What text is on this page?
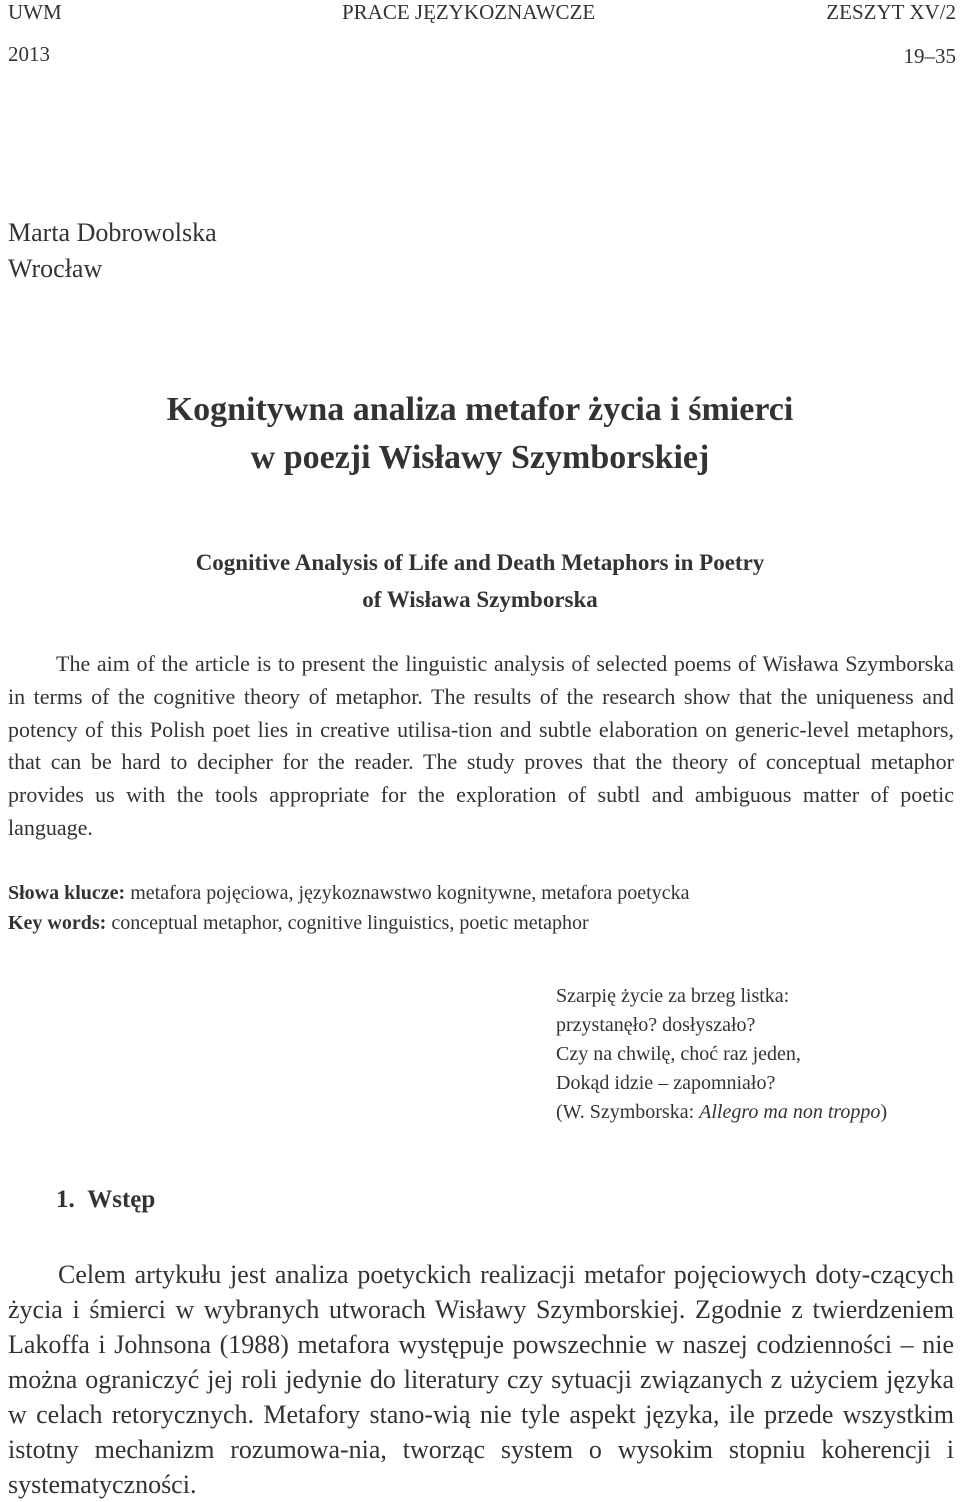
UWM	PRACE JĘZYKOZNAWCZE	ZESZYT XV/2
2013	19–35
Marta Dobrowolska
Wrocław
Kognitywna analiza metafor życia i śmierci
w poezji Wisławy Szymborskiej
Cognitive Analysis of Life and Death Metaphors in Poetry
of Wisława Szymborska
The aim of the article is to present the linguistic analysis of selected poems of Wisława Szymborska in terms of the cognitive theory of metaphor. The results of the research show that the uniqueness and potency of this Polish poet lies in creative utilisa-tion and subtle elaboration on generic-level metaphors, that can be hard to decipher for the reader. The study proves that the theory of conceptual metaphor provides us with the tools appropriate for the exploration of subtl and ambiguous matter of poetic language.
Słowa klucze: metafora pojęciowa, językoznawstwo kognitywne, metafora poetycka
Key words: conceptual metaphor, cognitive linguistics, poetic metaphor
Szarpię życie za brzeg listka:
przystanęło? dosłyszało?
Czy na chwilę, choć raz jeden,
Dokąd idzie – zapomniało?
(W. Szymborska: Allegro ma non troppo)
1. Wstęp
Celem artykułu jest analiza poetyckich realizacji metafor pojęciowych doty-czących życia i śmierci w wybranych utworach Wisławy Szymborskiej. Zgodnie z twierdzeniem Lakoffa i Johnsona (1988) metafora występuje powszechnie w naszej codzienności – nie można ograniczyć jej roli jedynie do literatury czy sytuacji związanych z użyciem języka w celach retorycznych. Metafory stano-wią nie tyle aspekt języka, ile przede wszystkim istotny mechanizm rozumowa-nia, tworząc system o wysokim stopniu koherencji i systematyczności.
